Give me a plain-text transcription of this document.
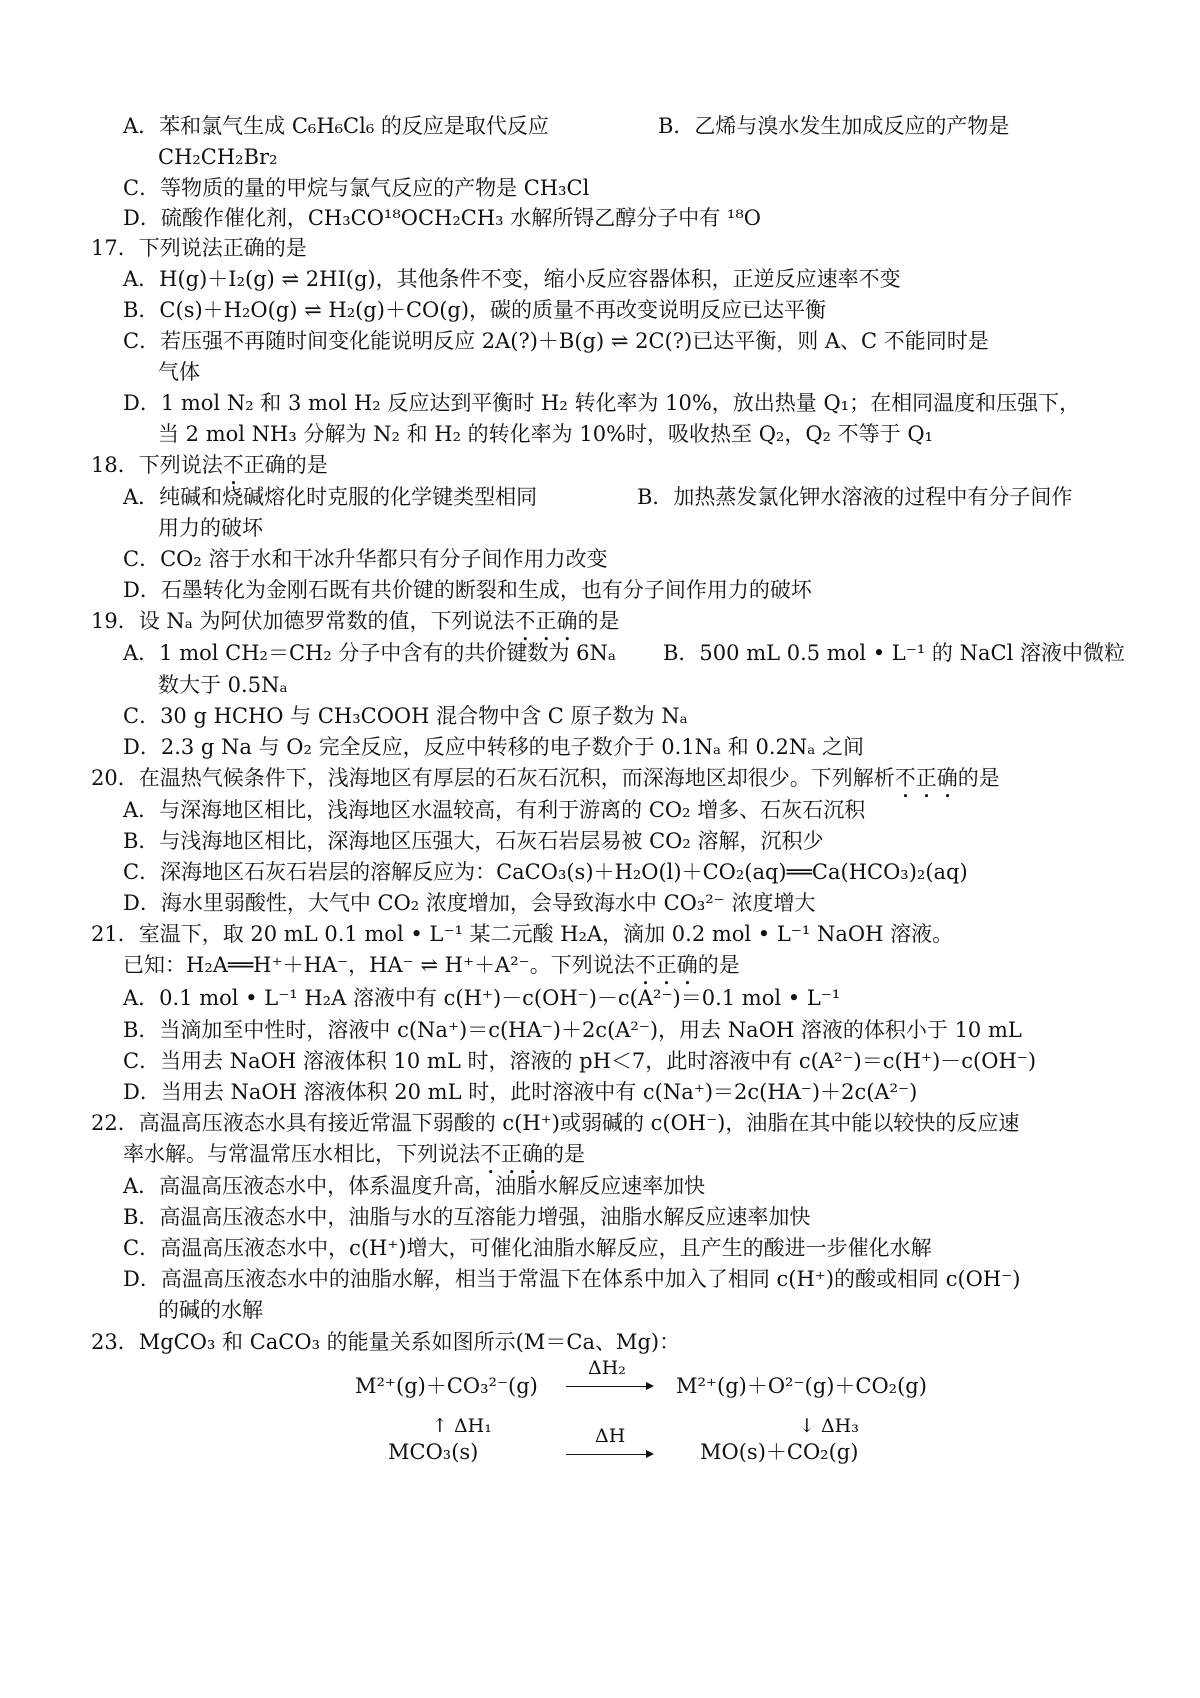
A．苯和氯气生成 C₆H₆Cl₆ 的反应是取代反应	B．乙烯与溴水发生加成反应的产物是
CH₂CH₂Br₂
C．等物质的量的甲烷与氯气反应的产物是 CH₃Cl
D．硫酸作催化剂，CH₃CO¹⁸OCH₂CH₃ 水解所锝乙醇分子中有 ¹⁸O
17．下列说法正确的是
A．H(g)＋I₂(g) ⇌ 2HI(g)，其他条件不变，缩小反应容器体积，正逆反应速率不变
B．C(s)＋H₂O(g) ⇌ H₂(g)＋CO(g)，碳的质量不再改变说明反应已达平衡
C．若压强不再随时间变化能说明反应 2A(?)＋B(g) ⇌ 2C(?)已达平衡，则 A、C 不能同时是
气体
D．1 mol N₂ 和 3 mol H₂ 反应达到平衡时 H₂ 转化率为 10%，放出热量 Q₁；在相同温度和压强下，
当 2 mol NH₃ 分解为 N₂ 和 H₂ 的转化率为 10%时，吸收热至 Q₂，Q₂ 不等于 Q₁
18．下列说法不正确的是
A．纯碱和烧碱熔化时克服的化学键类型相同	B．加热蒸发氯化钾水溶液的过程中有分子间作
用力的破坏
C．CO₂ 溶于水和干冰升华都只有分子间作用力改变
D．石墨转化为金刚石既有共价键的断裂和生成，也有分子间作用力的破坏
19．设 Nₐ 为阿伏加德罗常数的值，下列说法不正确的是
A．1 mol CH₂＝CH₂ 分子中含有的共价键数为 6Nₐ B．500 mL 0.5 mol • L⁻¹ 的 NaCl 溶液中微粒
数大于 0.5Nₐ
C．30 g HCHO 与 CH₃COOH 混合物中含 C 原子数为 Nₐ
D．2.3 g Na 与 O₂ 完全反应，反应中转移的电子数介于 0.1Nₐ 和 0.2Nₐ 之间
20．在温热气候条件下，浅海地区有厚层的石灰石沉积，而深海地区却很少。下列解析不正确的是
A．与深海地区相比，浅海地区水温较高，有利于游离的 CO₂ 增多、石灰石沉积
B．与浅海地区相比，深海地区压强大，石灰石岩层易被 CO₂ 溶解，沉积少
C．深海地区石灰石岩层的溶解反应为：CaCO₃(s)＋H₂O(l)＋CO₂(aq)══Ca(HCO₃)₂(aq)
D．海水里弱酸性，大气中 CO₂ 浓度增加，会导致海水中 CO₃²⁻ 浓度增大
21．室温下，取 20 mL 0.1 mol • L⁻¹ 某二元酸 H₂A，滴加 0.2 mol • L⁻¹ NaOH 溶液。
已知：H₂A══H⁺＋HA⁻，HA⁻ ⇌ H⁺＋A²⁻。下列说法不正确的是
A．0.1 mol • L⁻¹ H₂A 溶液中有 c(H⁺)－c(OH⁻)－c(A²⁻)＝0.1 mol • L⁻¹
B．当滴加至中性时，溶液中 c(Na⁺)＝c(HA⁻)＋2c(A²⁻)，用去 NaOH 溶液的体积小于 10 mL
C．当用去 NaOH 溶液体积 10 mL 时，溶液的 pH＜7，此时溶液中有 c(A²⁻)＝c(H⁺)－c(OH⁻)
D．当用去 NaOH 溶液体积 20 mL 时，此时溶液中有 c(Na⁺)＝2c(HA⁻)＋2c(A²⁻)
22．高温高压液态水具有接近常温下弱酸的 c(H⁺)或弱碱的 c(OH⁻)，油脂在其中能以较快的反应速
率水解。与常温常压水相比，下列说法不正确的是
A．高温高压液态水中，体系温度升高，油脂水解反应速率加快
B．高温高压液态水中，油脂与水的互溶能力增强，油脂水解反应速率加快
C．高温高压液态水中，c(H⁺)增大，可催化油脂水解反应，且产生的酸进一步催化水解
D．高温高压液态水中的油脂水解，相当于常温下在体系中加入了相同 c(H⁺)的酸或相同 c(OH⁻)
的碱的水解
23．MgCO₃ 和 CaCO₃ 的能量关系如图所示(M＝Ca、Mg)：
M²⁺(g)＋CO₃²⁻(g)
ΔH₂
M²⁺(g)＋O²⁻(g)＋CO₂(g)
↑ ΔH₁	↓ ΔH₃
MCO₃(s)
ΔH
MO(s)＋CO₂(g)
